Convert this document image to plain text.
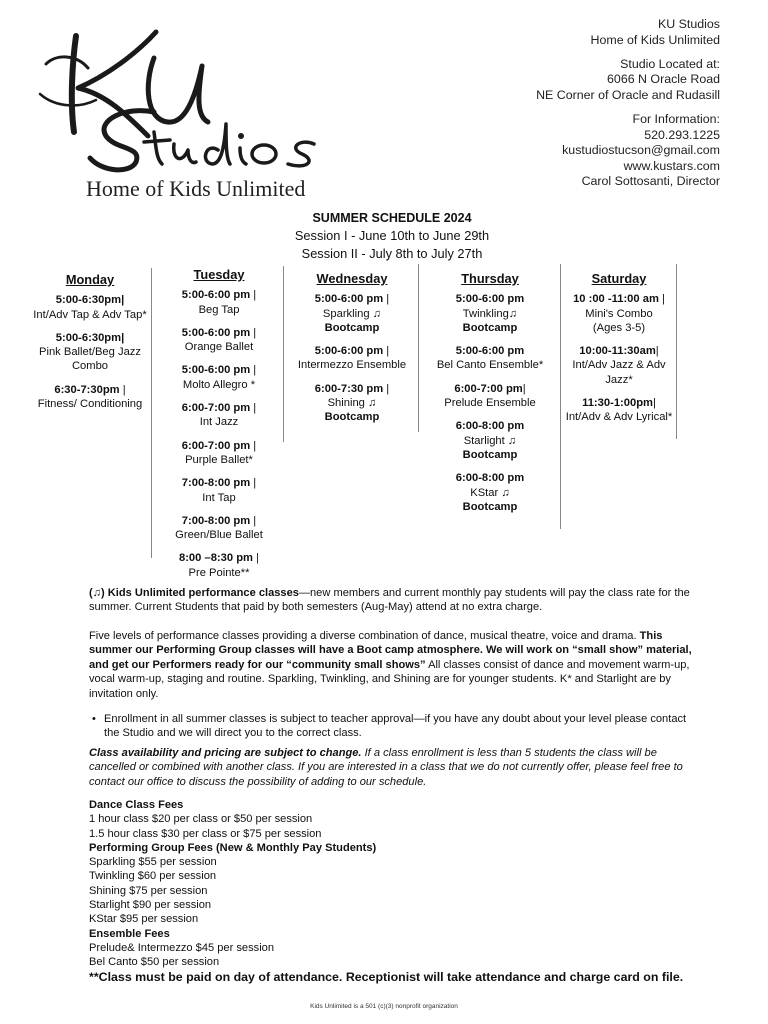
Home of Kids Unlimited
KU Studios
Home of Kids Unlimited
Studio Located at:
6066 N Oracle Road
NE Corner of Oracle and Rudasill
For Information:
520.293.1225
kustudiostucson@gmail.com
www.kustars.com
Carol Sottosanti, Director
SUMMER SCHEDULE 2024
Session I - June 10th to June 29th
Session II - July 8th to July 27th
Monday
5:00-6:30pm|
Int/Adv Tap & Adv Tap*
5:00-6:30pm|
Pink Ballet/Beg Jazz Combo
6:30-7:30pm |
Fitness/ Conditioning
Tuesday
5:00-6:00 pm |
Beg Tap
5:00-6:00 pm |
Orange Ballet
5:00-6:00 pm |
Molto Allegro *
6:00-7:00 pm |
Int Jazz
6:00-7:00 pm |
Purple Ballet*
7:00-8:00 pm |
Int Tap
7:00-8:00 pm |
Green/Blue Ballet
8:00 –8:30 pm |
Pre Pointe**
Wednesday
5:00-6:00 pm |
Sparkling ♫
Bootcamp
5:00-6:00 pm |
Intermezzo Ensemble
6:00-7:30 pm |
Shining ♫
Bootcamp
Thursday
5:00-6:00 pm
Twinkling♫
Bootcamp
5:00-6:00 pm
Bel Canto Ensemble*
6:00-7:00 pm|
Prelude Ensemble
6:00-8:00 pm
Starlight ♫
Bootcamp
6:00-8:00 pm
KStar ♫
Bootcamp
Saturday
10 :00 -11:00 am |
Mini's Combo
(Ages 3-5)
10:00-11:30am|
Int/Adv Jazz & Adv Jazz*
11:30-1:00pm|
Int/Adv & Adv Lyrical*

(♫) Kids Unlimited performance classes—new members and current monthly pay students will pay the class rate for the summer. Current Students that paid by both semesters (Aug-May) attend at no extra charge.

Five levels of performance classes providing a diverse combination of dance, musical theatre, voice and drama. This summer our Performing Group classes will have a Boot camp atmosphere. We will work on “small show” material, and get our Performers ready for our “community small shows” All classes consist of dance and movement warm-up, vocal warm-up, staging and routine. Sparkling, Twinkling, and Shining are for younger students. K* and Starlight are by invitation only.

• Enrollment in all summer classes is subject to teacher approval—if you have any doubt about your level please contact the Studio and we will direct you to the correct class.

Class availability and pricing are subject to change. If a class enrollment is less than 5 students the class will be cancelled or combined with another class. If you are interested in a class that we do not currently offer, please feel free to contact our office to discuss the possibility of adding to our schedule.

Dance Class Fees
1 hour class $20 per class or $50 per session
1.5 hour class $30 per class or $75 per session
Performing Group Fees (New & Monthly Pay Students)
Sparkling $55 per session
Twinkling $60 per session
Shining $75 per session
Starlight $90 per session
KStar $95 per session
Ensemble Fees
Prelude& Intermezzo $45 per session
Bel Canto $50 per session
**Class must be paid on day of attendance. Receptionist will take attendance and charge card on file.
Kids Unlimited is a 501 (c)(3) nonprofit organization
